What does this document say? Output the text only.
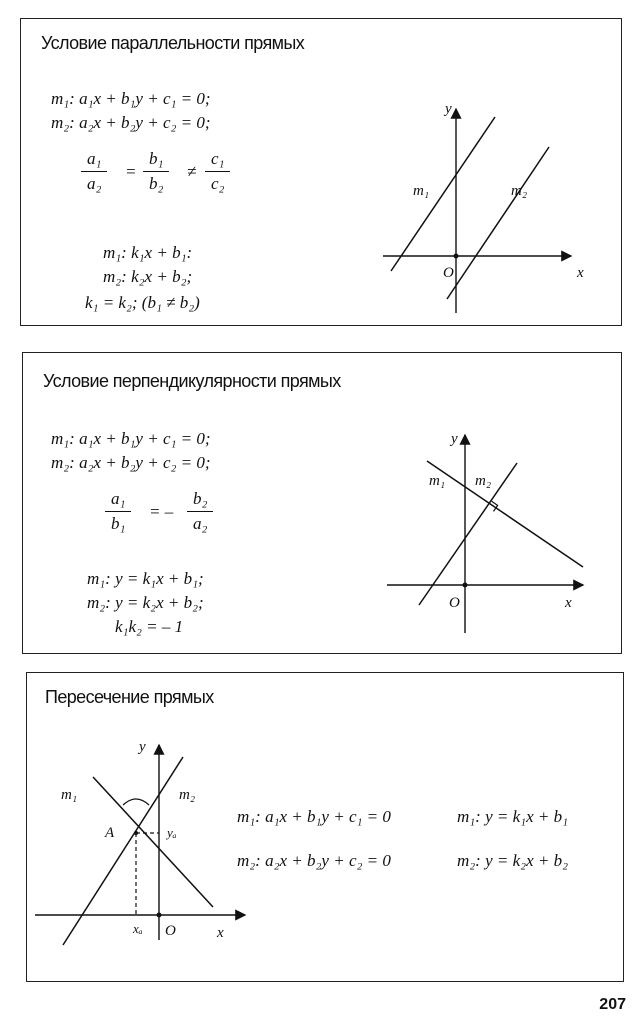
Условие параллельности прямых
m₁: a₁x + b₁y + c₁ = 0;
m₂: a₂x + b₂y + c₂ = 0;
$\frac{\text{a₁}}{\text{a₂}} = \frac{\text{b₁}}{\text{b₂}} \ne \frac{\text{c₁}}{\text{c₂}}$
m₁: k₁x + b₁:
m₂: k₂x + b₂;
k₁ = k₂; (b₁ ≠ b₂)
y
x
O
m₁	m₂
Условие перпендикулярности прямых
m₁: a₁x + b₁y + c₁ = 0;
m₂: a₂x + b₂y + c₂ = 0;
$\frac{\text{a₁}}{\text{b₁}}$ = – $\frac{\text{b₂}}{\text{a₂}}$
m₁: y = k₁x + b₁;
m₂: y = k₂x + b₂;
k₁k₂ = – 1
y
x
O
m₁ m₂
Пересечение прямых
y
x
O
m₁	m₂
A	yₐ
xₐ
m₁: a₁x + b₁y + c₁ = 0
m₂: a₂x + b₂y + c₂ = 0
m₁: y = k₁x + b₁
m₂: y = k₂x + b₂
207
